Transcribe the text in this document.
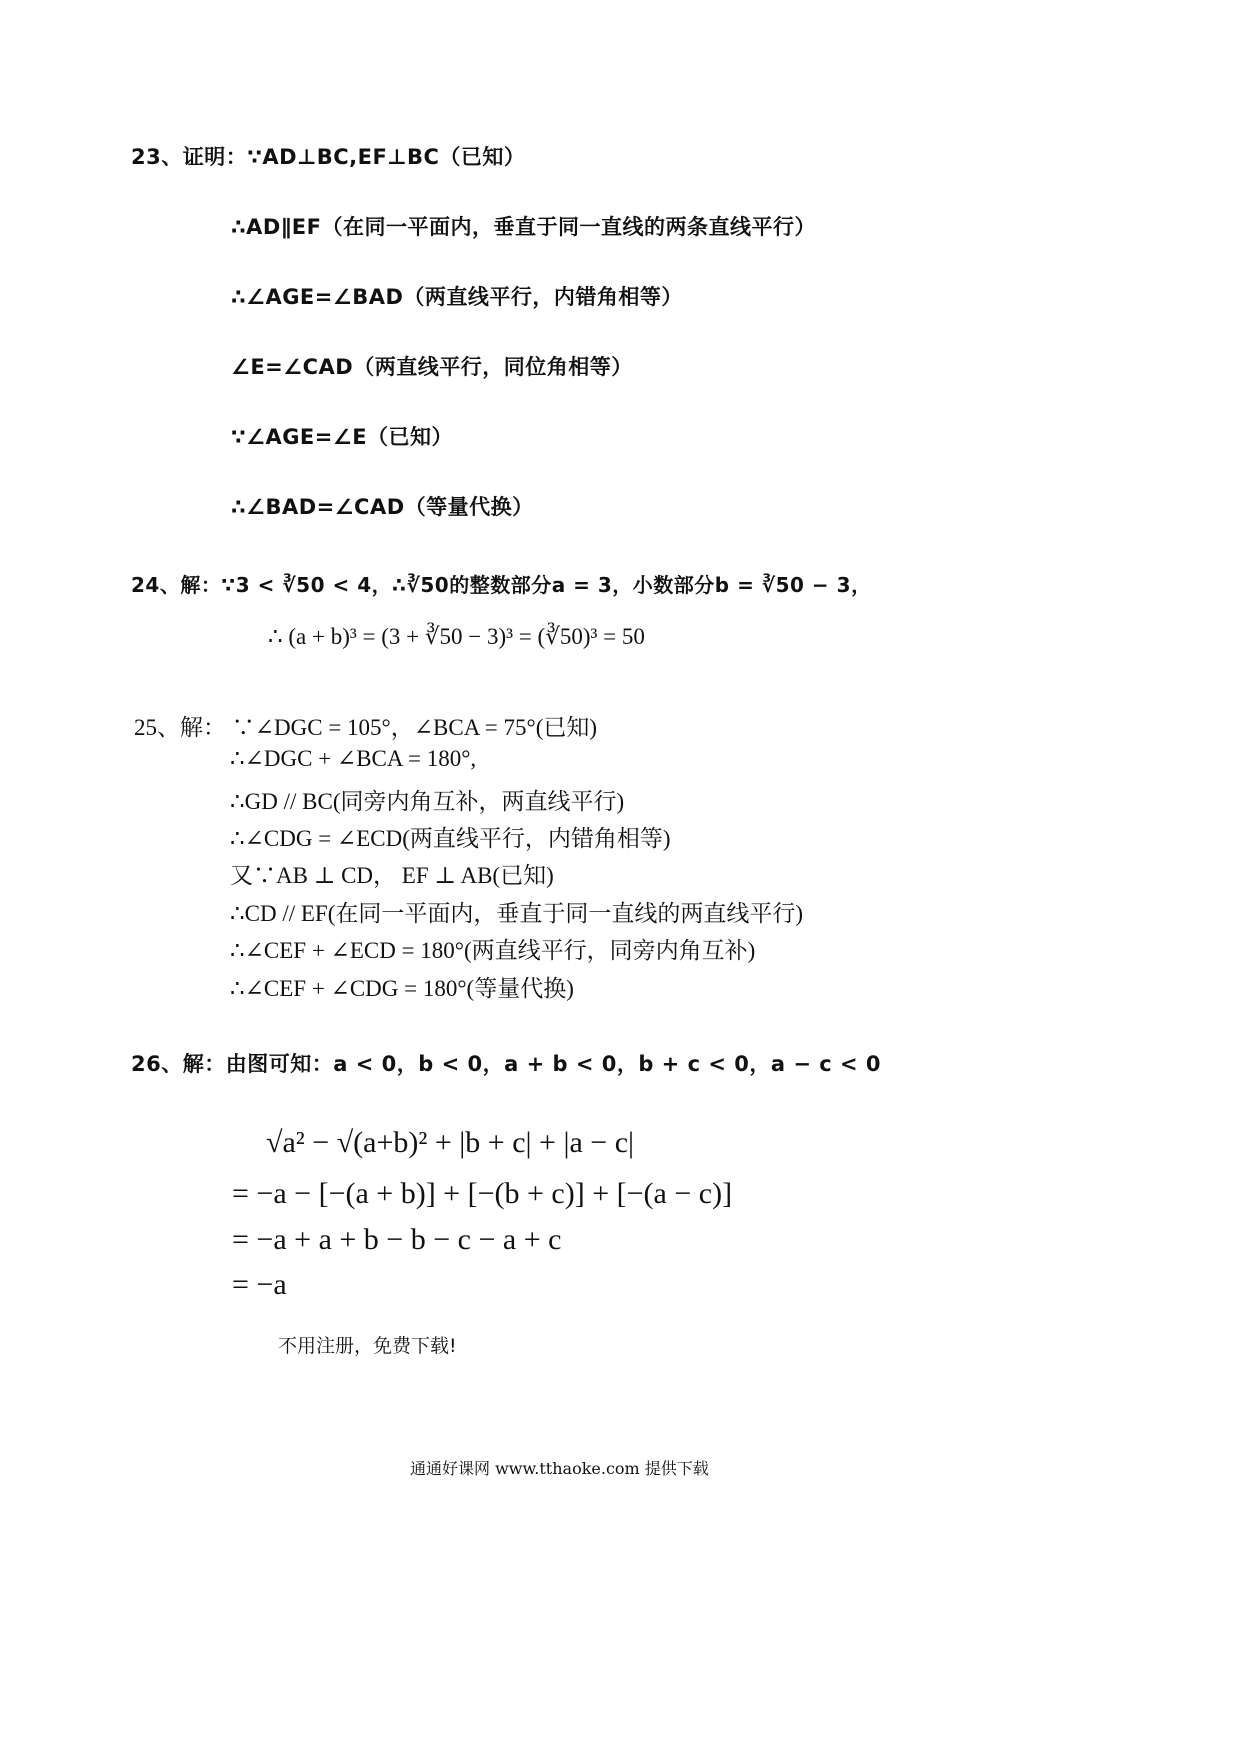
23、证明：∵AD⊥BC,EF⊥BC（已知）
∴AD∥EF（在同一平面内，垂直于同一直线的两条直线平行）
∴∠AGE=∠BAD（两直线平行，内错角相等）
∠E=∠CAD（两直线平行，同位角相等）
∵∠AGE=∠E（已知）
∴∠BAD=∠CAD（等量代换）
24、解：∵3 < ∛50 < 4，∴∛50的整数部分a = 3，小数部分b = ∛50 − 3，
∴ (a + b)³ = (3 + ∛50 − 3)³ = (∛50)³ = 50
25、解： ∵∠DGC = 105°，∠BCA = 75°(已知)
∴∠DGC + ∠BCA = 180°,
∴GD // BC(同旁内角互补，两直线平行)
∴∠CDG = ∠ECD(两直线平行，内错角相等)
又∵AB ⊥ CD， EF ⊥ AB(已知)
∴CD // EF(在同一平面内，垂直于同一直线的两直线平行)
∴∠CEF + ∠ECD = 180°(两直线平行，同旁内角互补)
∴∠CEF + ∠CDG = 180°(等量代换)
26、解：由图可知：a < 0，b < 0，a + b < 0，b + c < 0，a − c < 0
√a² − √(a+b)² + |b + c| + |a − c|
= −a − [−(a + b)] + [−(b + c)] + [−(a − c)]
= −a + a + b − b − c − a + c
= −a
不用注册，免费下载!
通通好课网 www.tthaoke.com 提供下载
